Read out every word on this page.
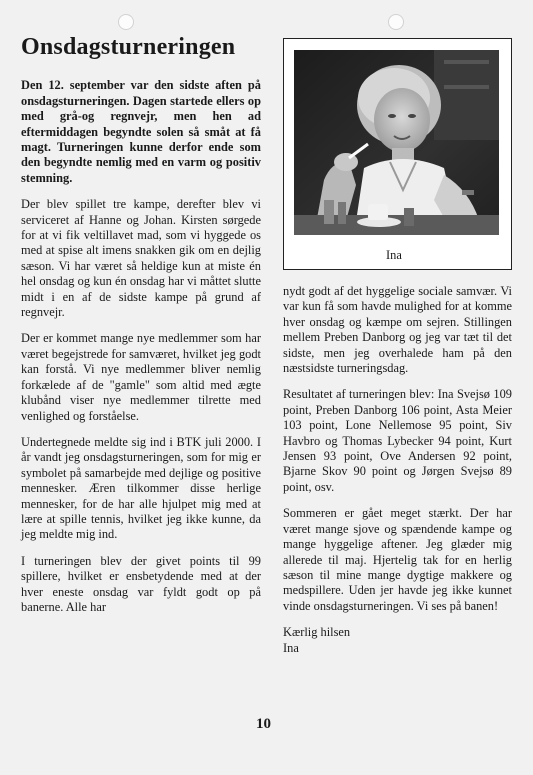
Onsdagsturneringen

Den 12. september var den sidste aften på onsdagsturneringen. Dagen startede ellers op med grå-og regnvejr, men hen ad eftermiddagen begyndte solen så småt at få magt. Turneringen kunne derfor ende som den begyndte nemlig med en varm og positiv stemning.

Der blev spillet tre kampe, derefter blev vi serviceret af Hanne og Johan. Kirsten sørgede for at vi fik veltillavet mad, som vi hyggede os med at spise alt imens snakken gik om en dejlig sæson. Vi har været så heldige kun at miste én hel onsdag og kun én onsdag har vi måttet slutte midt i en af de sidste kampe på grund af regnvejr.

Der er kommet mange nye medlemmer som har været begejstrede for samværet, hvilket jeg godt kan forstå. Vi nye medlemmer bliver nemlig forkælede af de "gamle" som altid med ægte klubånd viser nye medlemmer tilrette med venlighed og forståelse.

Undertegnede meldte sig ind i BTK juli 2000. I år vandt jeg onsdagsturneringen, som for mig er symbolet på samarbejde med dejlige og positive mennesker. Æren tilkommer disse herlige mennesker, for de har alle hjulpet mig med at lære at spille tennis, hvilket jeg ikke kunne, da jeg meldte mig ind.

I turneringen blev der givet points til 99 spillere, hvilket er ensbetydende med at der hver eneste onsdag var fyldt godt op på banerne. Alle har

Ina

nydt godt af det hyggelige sociale samvær. Vi var kun få som havde mulighed for at komme hver onsdag og kæmpe om sejren. Stillingen mellem Preben Danborg og jeg var tæt til det sidste, men jeg overhalede ham på den næstsidste turneringsdag.

Resultatet af turneringen blev: Ina Svejsø 109 point, Preben Danborg 106 point, Asta Meier 103 point, Lone Nellemose 95 point, Siv Havbro og Thomas Lybecker 94 point, Kurt Jensen 93 point, Ove Andersen 92 point, Bjarne Skov 90 point og Jørgen Svejsø 89 point, osv.

Sommeren er gået meget stærkt. Der har været mange sjove og spændende kampe og mange hyggelige aftener. Jeg glæder mig allerede til maj. Hjertelig tak for en herlig sæson til mine mange dygtige makkere og medspillere. Uden jer havde jeg ikke kunnet vinde onsdagsturneringen. Vi ses på banen!

Kærlig hilsen
Ina
10
